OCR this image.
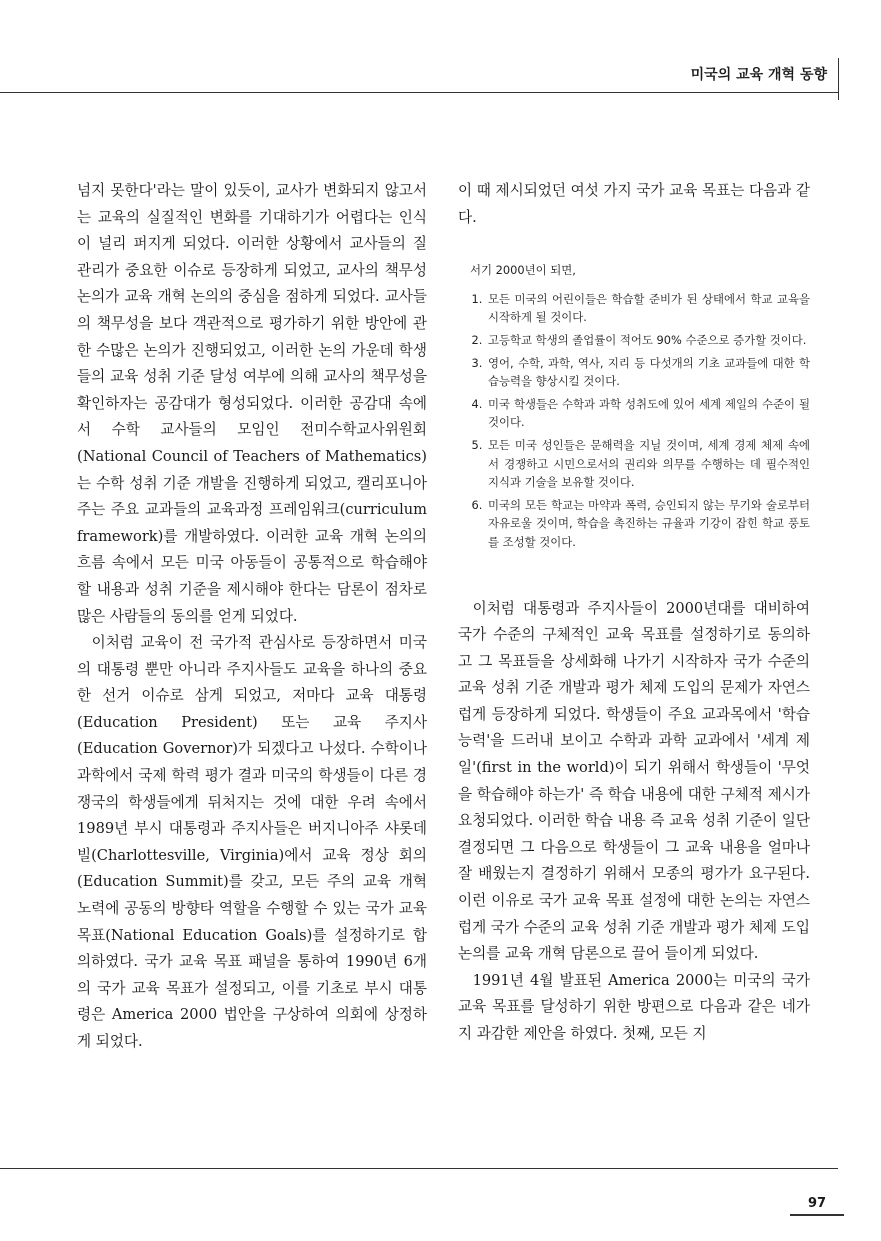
미국의 교육 개혁 동향

넘지 못한다'라는 말이 있듯이, 교사가 변화되지 않고서는 교육의 실질적인 변화를 기대하기가 어렵다는 인식이 널리 퍼지게 되었다. 이러한 상황에서 교사들의 질 관리가 중요한 이슈로 등장하게 되었고, 교사의 책무성 논의가 교육 개혁 논의의 중심을 점하게 되었다. 교사들의 책무성을 보다 객관적으로 평가하기 위한 방안에 관한 수많은 논의가 진행되었고, 이러한 논의 가운데 학생들의 교육 성취 기준 달성 여부에 의해 교사의 책무성을 확인하자는 공감대가 형성되었다. 이러한 공감대 속에서 수학 교사들의 모임인 전미수학교사위원회(National Council of Teachers of Mathematics)는 수학 성취 기준 개발을 진행하게 되었고, 캘리포니아 주는 주요 교과들의 교육과정 프레임워크(curriculum framework)를 개발하였다. 이러한 교육 개혁 논의의 흐름 속에서 모든 미국 아동들이 공통적으로 학습해야 할 내용과 성취 기준을 제시해야 한다는 담론이 점차로 많은 사람들의 동의를 얻게 되었다.

이처럼 교육이 전 국가적 관심사로 등장하면서 미국의 대통령 뿐만 아니라 주지사들도 교육을 하나의 중요한 선거 이슈로 삼게 되었고, 저마다 교육 대통령(Education President) 또는 교육 주지사(Education Governor)가 되겠다고 나섰다. 수학이나 과학에서 국제 학력 평가 결과 미국의 학생들이 다른 경쟁국의 학생들에게 뒤처지는 것에 대한 우려 속에서 1989년 부시 대통령과 주지사들은 버지니아주 샤롯데빌(Charlottesville, Virginia)에서 교육 정상 회의(Education Summit)를 갖고, 모든 주의 교육 개혁 노력에 공동의 방향타 역할을 수행할 수 있는 국가 교육 목표(National Education Goals)를 설정하기로 합의하였다. 국가 교육 목표 패널을 통하여 1990년 6개의 국가 교육 목표가 설정되고, 이를 기초로 부시 대통령은 America 2000 법안을 구상하여 의회에 상정하게 되었다.

이 때 제시되었던 여섯 가지 국가 교육 목표는 다음과 같다.

서기 2000년이 되면,
1. 모든 미국의 어린이들은 학습할 준비가 된 상태에서 학교 교육을 시작하게 될 것이다.
2. 고등학교 학생의 졸업률이 적어도 90% 수준으로 증가할 것이다.
3. 영어, 수학, 과학, 역사, 지리 등 다섯개의 기초 교과들에 대한 학습능력을 향상시킬 것이다.
4. 미국 학생들은 수학과 과학 성취도에 있어 세계 제일의 수준이 될 것이다.
5. 모든 미국 성인들은 문해력을 지닐 것이며, 세계 경제 체제 속에서 경쟁하고 시민으로서의 권리와 의무를 수행하는 데 필수적인 지식과 기술을 보유할 것이다.
6. 미국의 모든 학교는 마약과 폭력, 승인되지 않는 무기와 술로부터 자유로울 것이며, 학습을 촉진하는 규율과 기강이 잡힌 학교 풍토를 조성할 것이다.

이처럼 대통령과 주지사들이 2000년대를 대비하여 국가 수준의 구체적인 교육 목표를 설정하기로 동의하고 그 목표들을 상세화해 나가기 시작하자 국가 수준의 교육 성취 기준 개발과 평가 체제 도입의 문제가 자연스럽게 등장하게 되었다. 학생들이 주요 교과목에서 '학습 능력'을 드러내 보이고 수학과 과학 교과에서 '세계 제일'(first in the world)이 되기 위해서 학생들이 '무엇을 학습해야 하는가' 즉 학습 내용에 대한 구체적 제시가 요청되었다. 이러한 학습 내용 즉 교육 성취 기준이 일단 결정되면 그 다음으로 학생들이 그 교육 내용을 얼마나 잘 배웠는지 결정하기 위해서 모종의 평가가 요구된다. 이런 이유로 국가 교육 목표 설정에 대한 논의는 자연스럽게 국가 수준의 교육 성취 기준 개발과 평가 체제 도입 논의를 교육 개혁 담론으로 끌어 들이게 되었다.

1991년 4월 발표된 America 2000는 미국의 국가 교육 목표를 달성하기 위한 방편으로 다음과 같은 네가지 과감한 제안을 하였다. 첫째, 모든 지

97
